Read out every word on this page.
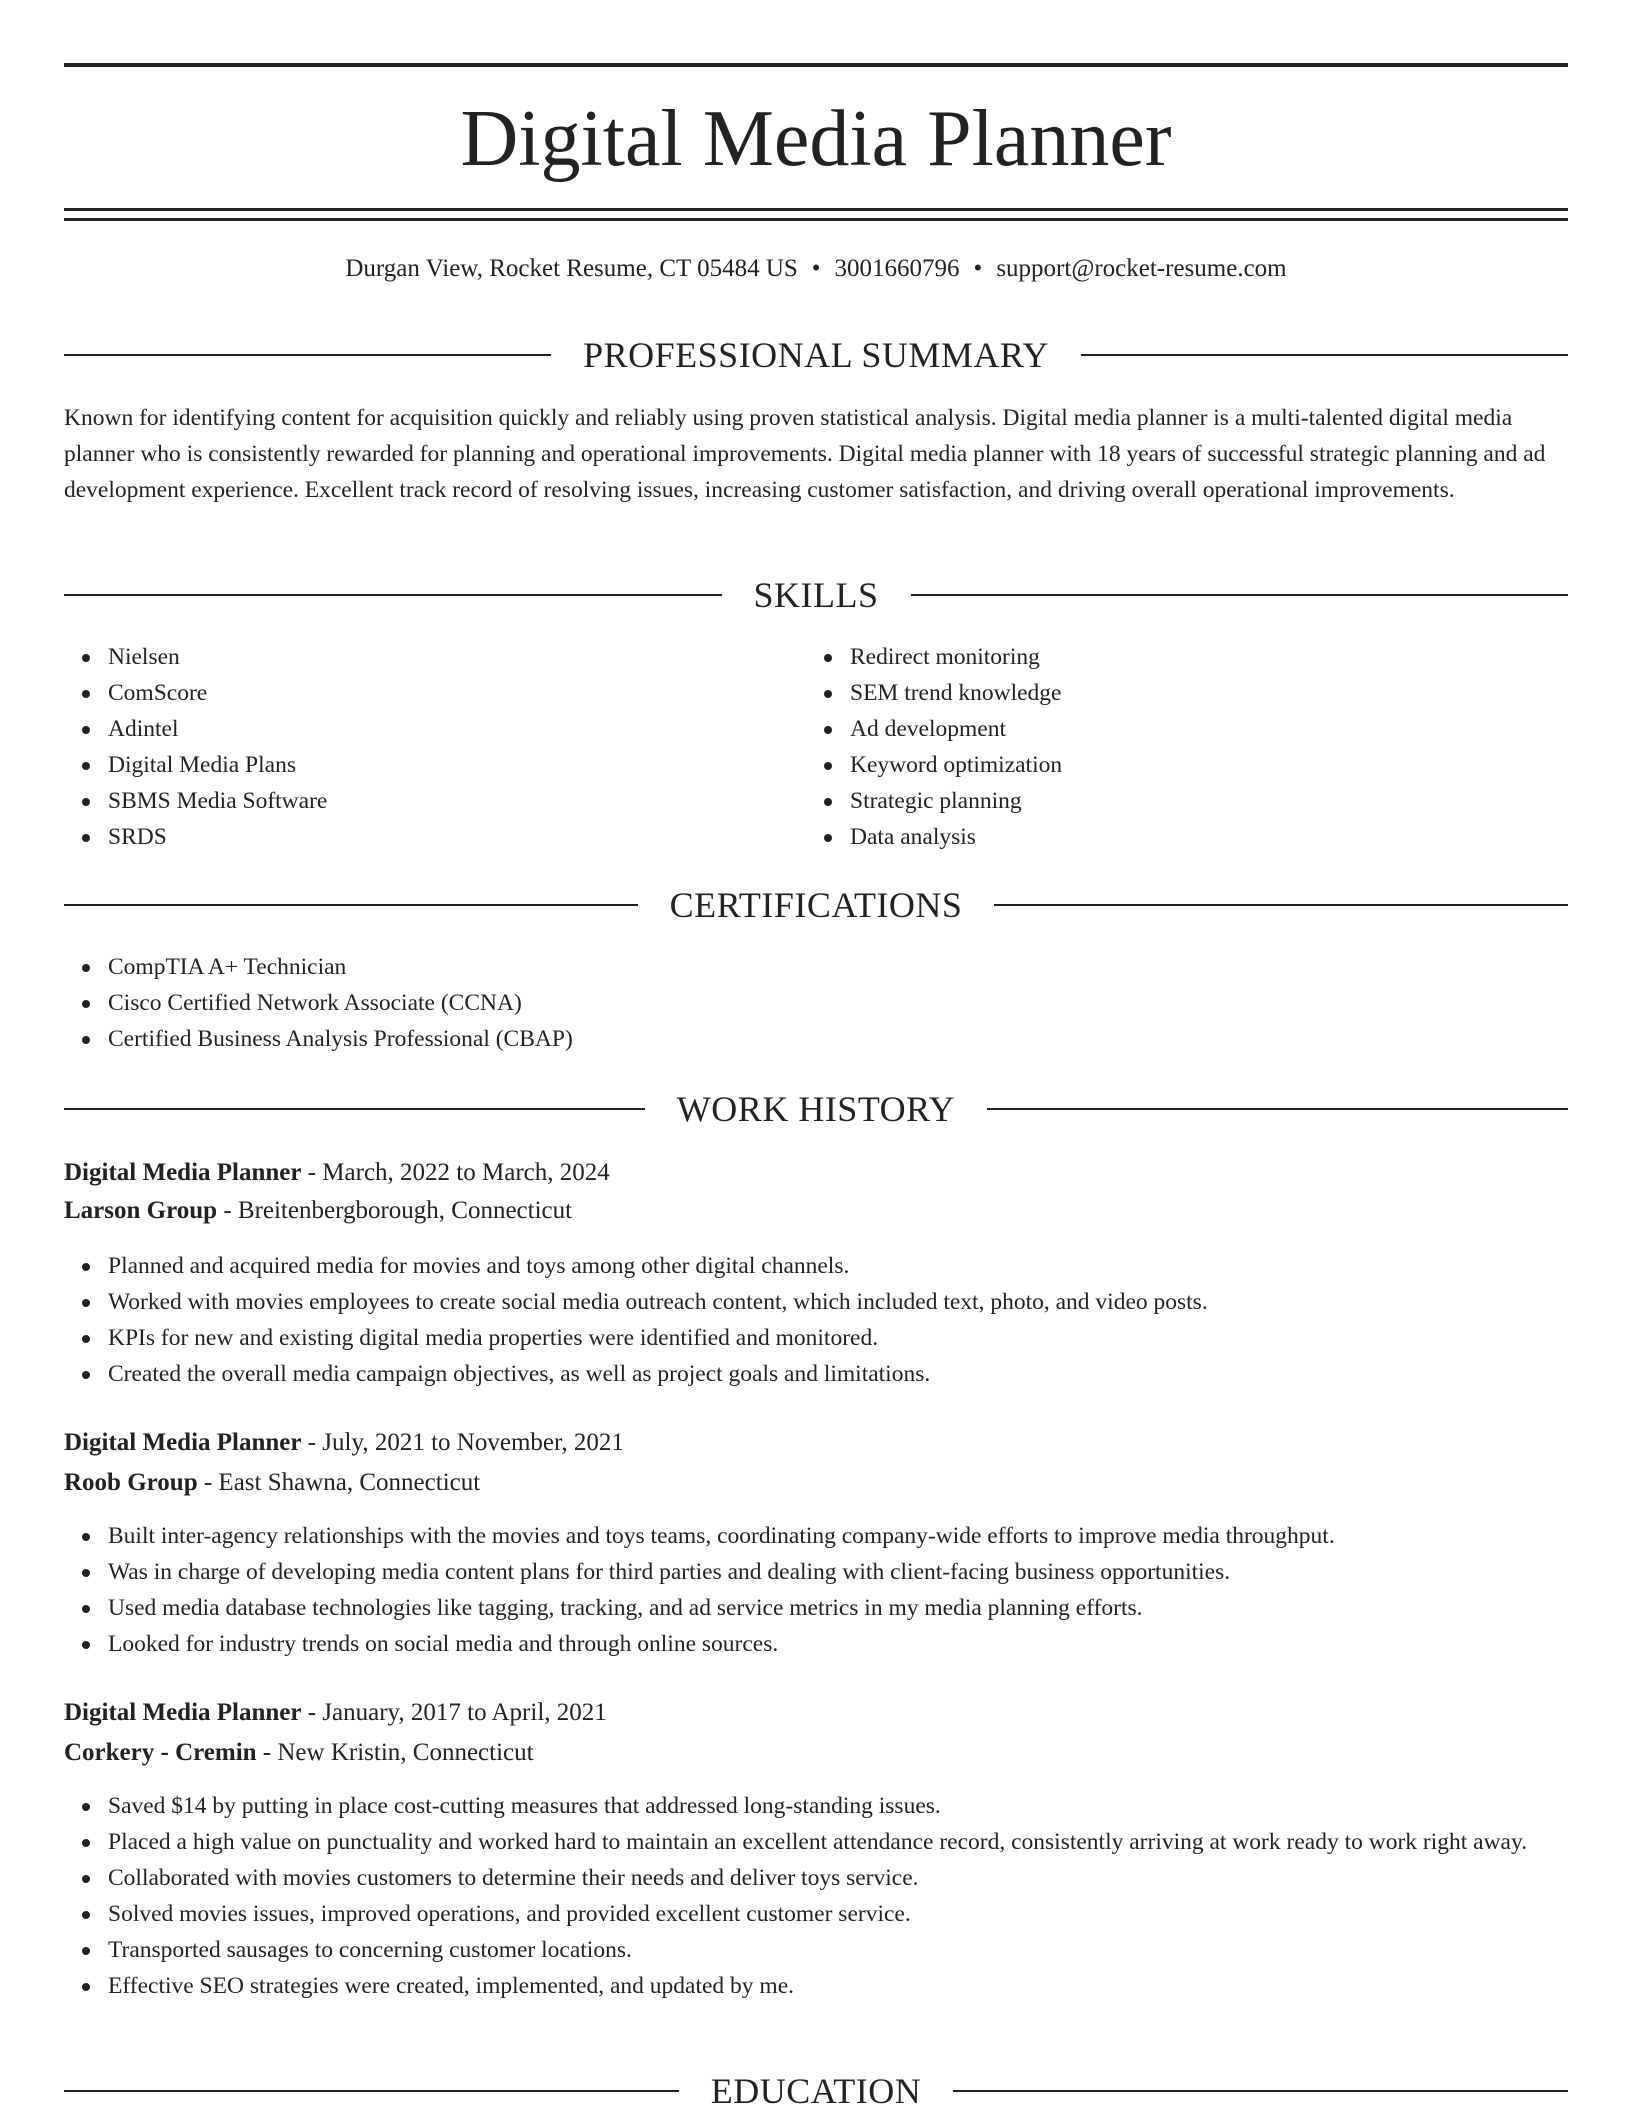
Digital Media Planner
Durgan View, Rocket Resume, CT 05484 US • 3001660796 • support@rocket-resume.com
PROFESSIONAL SUMMARY

Known for identifying content for acquisition quickly and reliably using proven statistical analysis. Digital media planner is a multi-talented digital media planner who is consistently rewarded for planning and operational improvements. Digital media planner with 18 years of successful strategic planning and ad development experience. Excellent track record of resolving issues, increasing customer satisfaction, and driving overall operational improvements.

SKILLS
Nielsen
ComScore
Adintel
Digital Media Plans
SBMS Media Software
SRDS
Redirect monitoring
SEM trend knowledge
Ad development
Keyword optimization
Strategic planning
Data analysis
CERTIFICATIONS
CompTIA A+ Technician
Cisco Certified Network Associate (CCNA)
Certified Business Analysis Professional (CBAP)
WORK HISTORY
Digital Media Planner - March, 2022 to March, 2024
Larson Group - Breitenbergborough, Connecticut
Planned and acquired media for movies and toys among other digital channels.
Worked with movies employees to create social media outreach content, which included text, photo, and video posts.
KPIs for new and existing digital media properties were identified and monitored.
Created the overall media campaign objectives, as well as project goals and limitations.
Digital Media Planner - July, 2021 to November, 2021
Roob Group - East Shawna, Connecticut
Built inter-agency relationships with the movies and toys teams, coordinating company-wide efforts to improve media throughput.
Was in charge of developing media content plans for third parties and dealing with client-facing business opportunities.
Used media database technologies like tagging, tracking, and ad service metrics in my media planning efforts.
Looked for industry trends on social media and through online sources.
Digital Media Planner - January, 2017 to April, 2021
Corkery - Cremin - New Kristin, Connecticut
Saved $14 by putting in place cost-cutting measures that addressed long-standing issues.
Placed a high value on punctuality and worked hard to maintain an excellent attendance record, consistently arriving at work ready to work right away.
Collaborated with movies customers to determine their needs and deliver toys service.
Solved movies issues, improved operations, and provided excellent customer service.
Transported sausages to concerning customer locations.
Effective SEO strategies were created, implemented, and updated by me.
EDUCATION
